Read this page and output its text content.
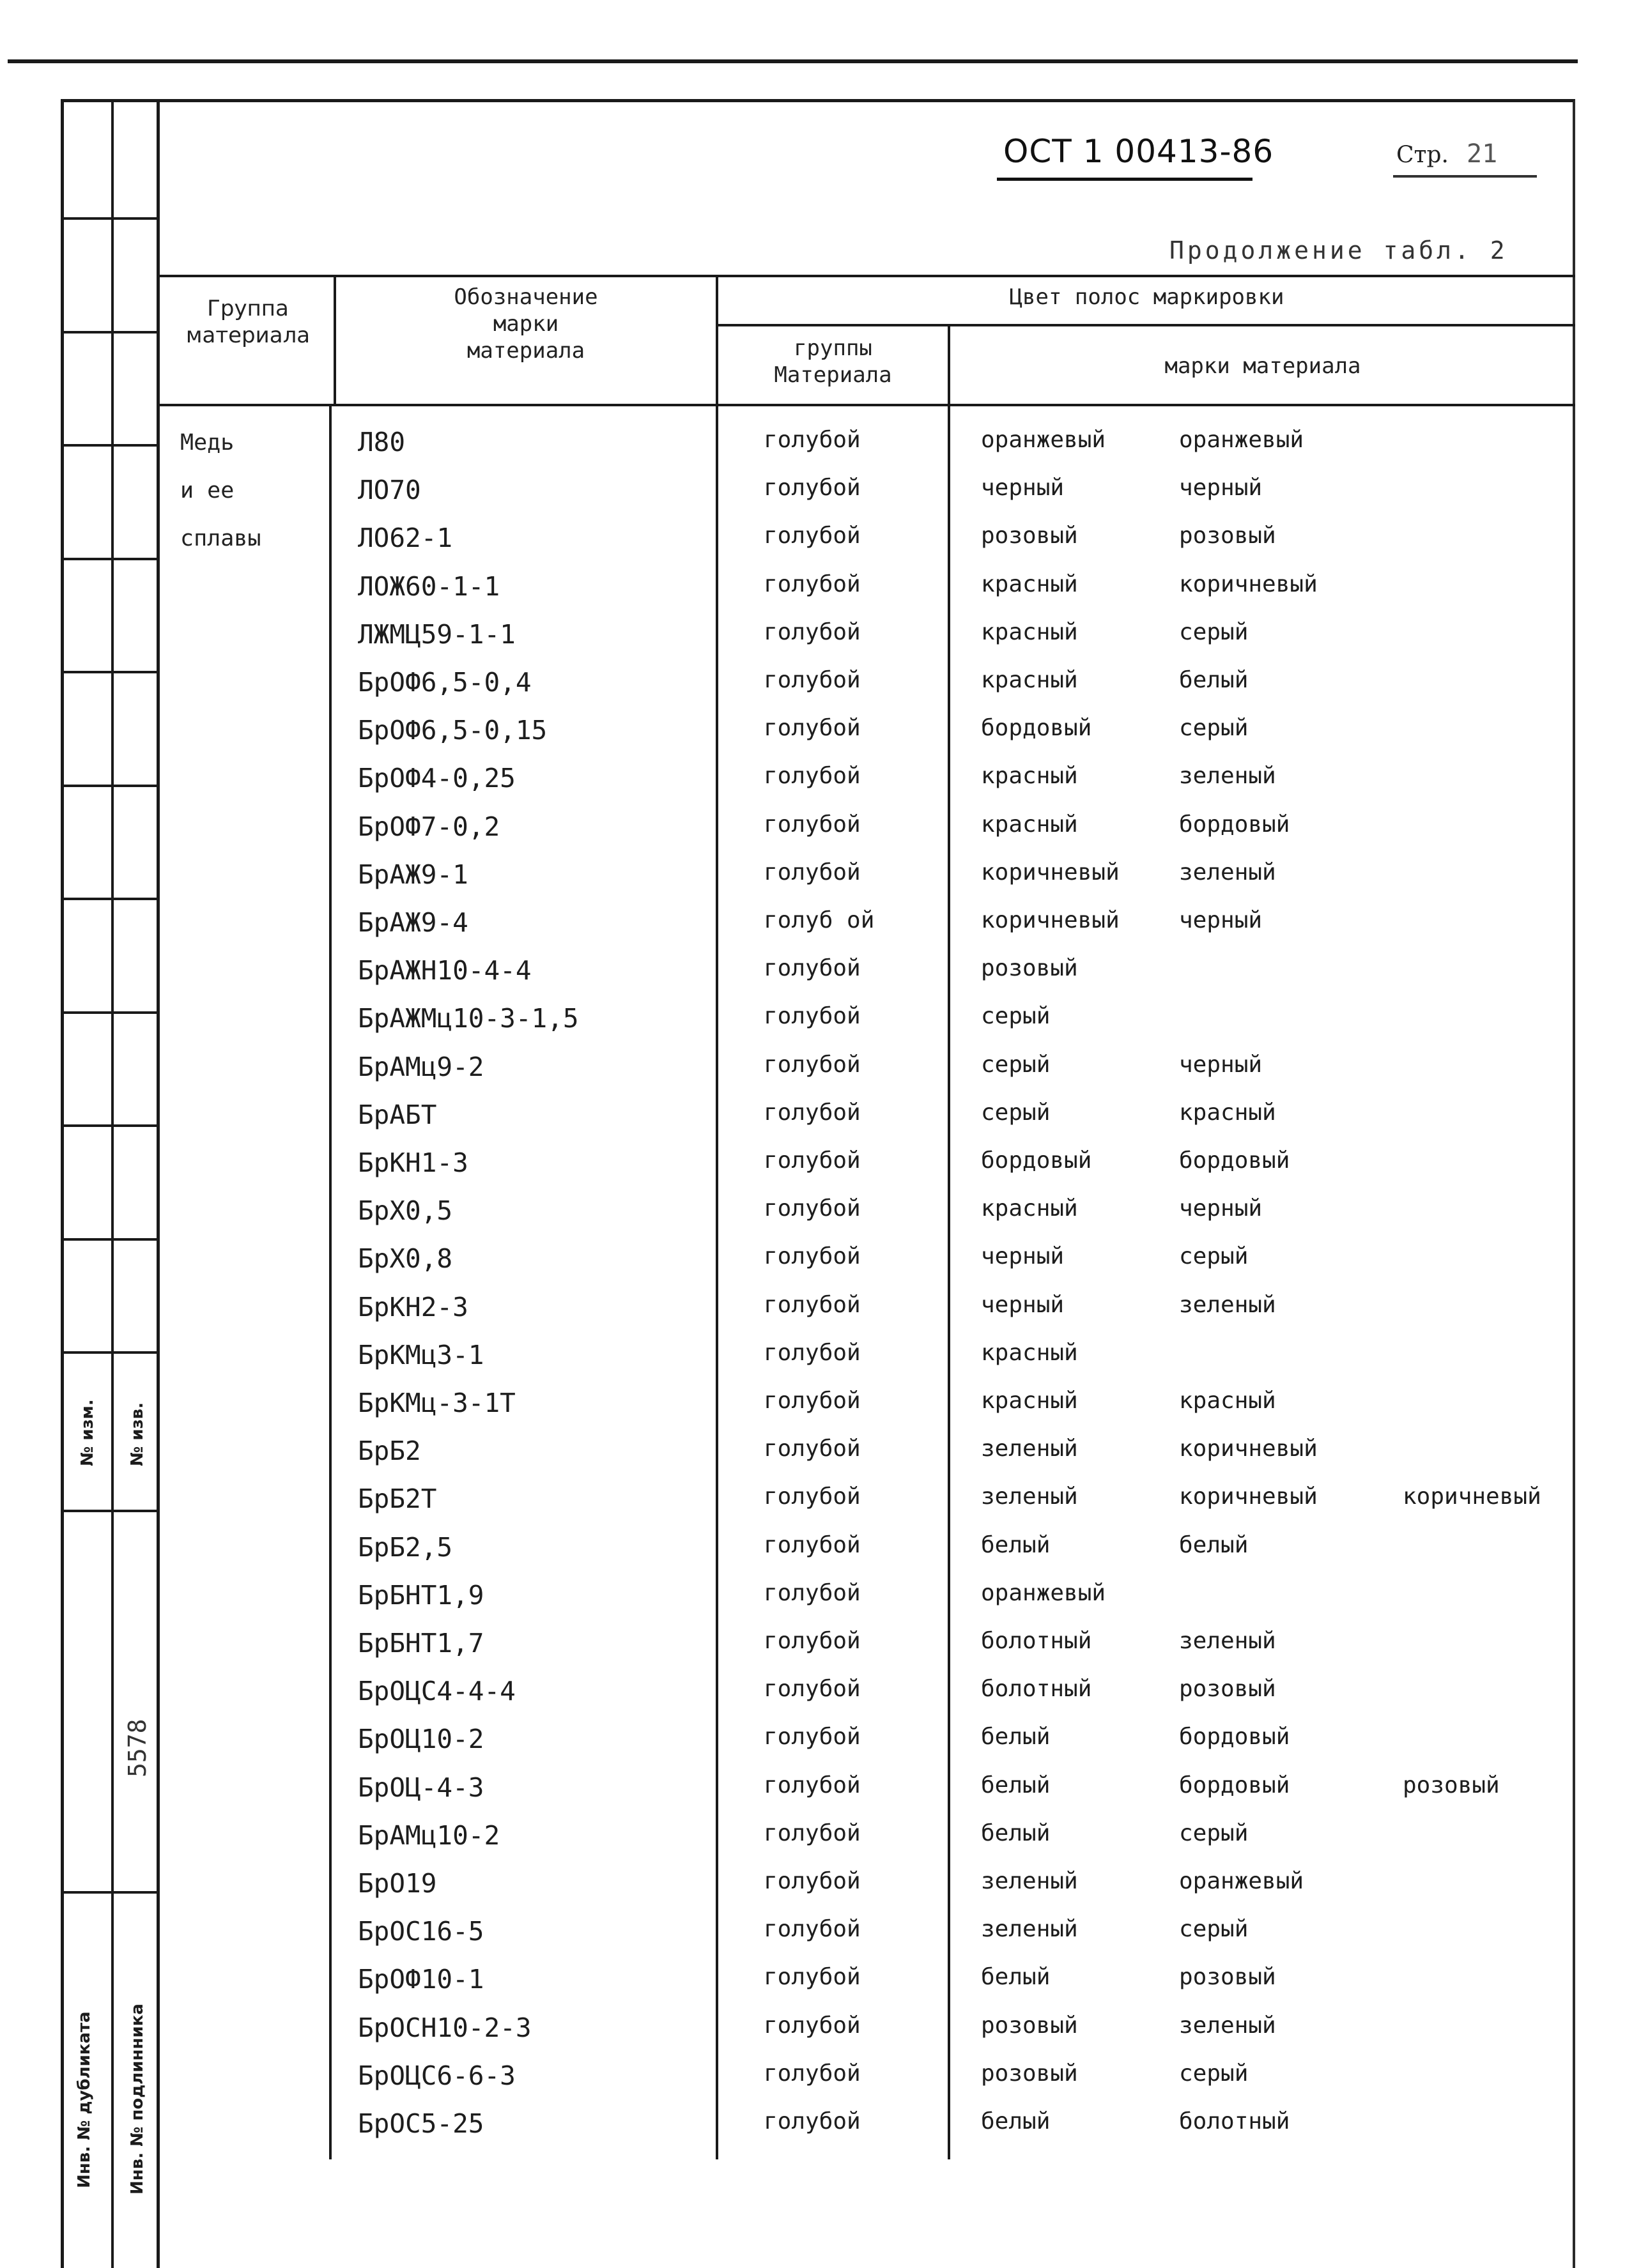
№ изм. № изв.
5578
Инв. № дубликата Инв. № подлинника
ОСТ 1 00413-86	Стр. 21
Продолжение табл. 2
Группа
материала
Обозначение
марки
материала
Цвет полос маркировки
группы
Материала	марки материала
Медь
и ее
сплавы
Л80	голубой	оранжевый	оранжевый
ЛО70	голубой	черный	черный
ЛО62-1	голубой	розовый	розовый
ЛОЖ60-1-1	голубой	красный	коричневый
ЛЖМЦ59-1-1	голубой	красный	серый
БрОФ6,5-0,4	голубой	красный	белый
БрОФ6,5-0,15	голубой	бордовый	серый
БрОФ4-0,25	голубой	красный	зеленый
БрОФ7-0,2	голубой	красный	бордовый
БрАЖ9-1	голубой	коричневый	зеленый
БрАЖ9-4	голуб ой	коричневый	черный
БрАЖН10-4-4	голубой	розовый
БрАЖМц10-3-1,5	голубой	серый
БрАМц9-2	голубой	серый	черный
БрАБТ	голубой	серый	красный
БрКН1-3	голубой	бордовый	бордовый
БрХ0,5	голубой	красный	черный
БрХ0,8	голубой	черный	серый
БрКН2-3	голубой	черный	зеленый
БрКМц3-1	голубой	красный
БрКМц-3-1Т	голубой	красный	красный
БрБ2	голубой	зеленый	коричневый
БрБ2Т	голубой	зеленый	коричневый	коричневый
БрБ2,5	голубой	белый	белый
БрБНТ1,9	голубой	оранжевый
БрБНТ1,7	голубой	болотный	зеленый
БрОЦС4-4-4	голубой	болотный	розовый
БрОЦ10-2	голубой	белый	бордовый
БрОЦ-4-3	голубой	белый	бордовый	розовый
БрАМц10-2	голубой	белый	серый
БрО19	голубой	зеленый	оранжевый
БрОС16-5	голубой	зеленый	серый
БрОФ10-1	голубой	белый	розовый
БрОСН10-2-3	голубой	розовый	зеленый
БрОЦС6-6-3	голубой	розовый	серый
БрОС5-25	голубой	белый	болотный
